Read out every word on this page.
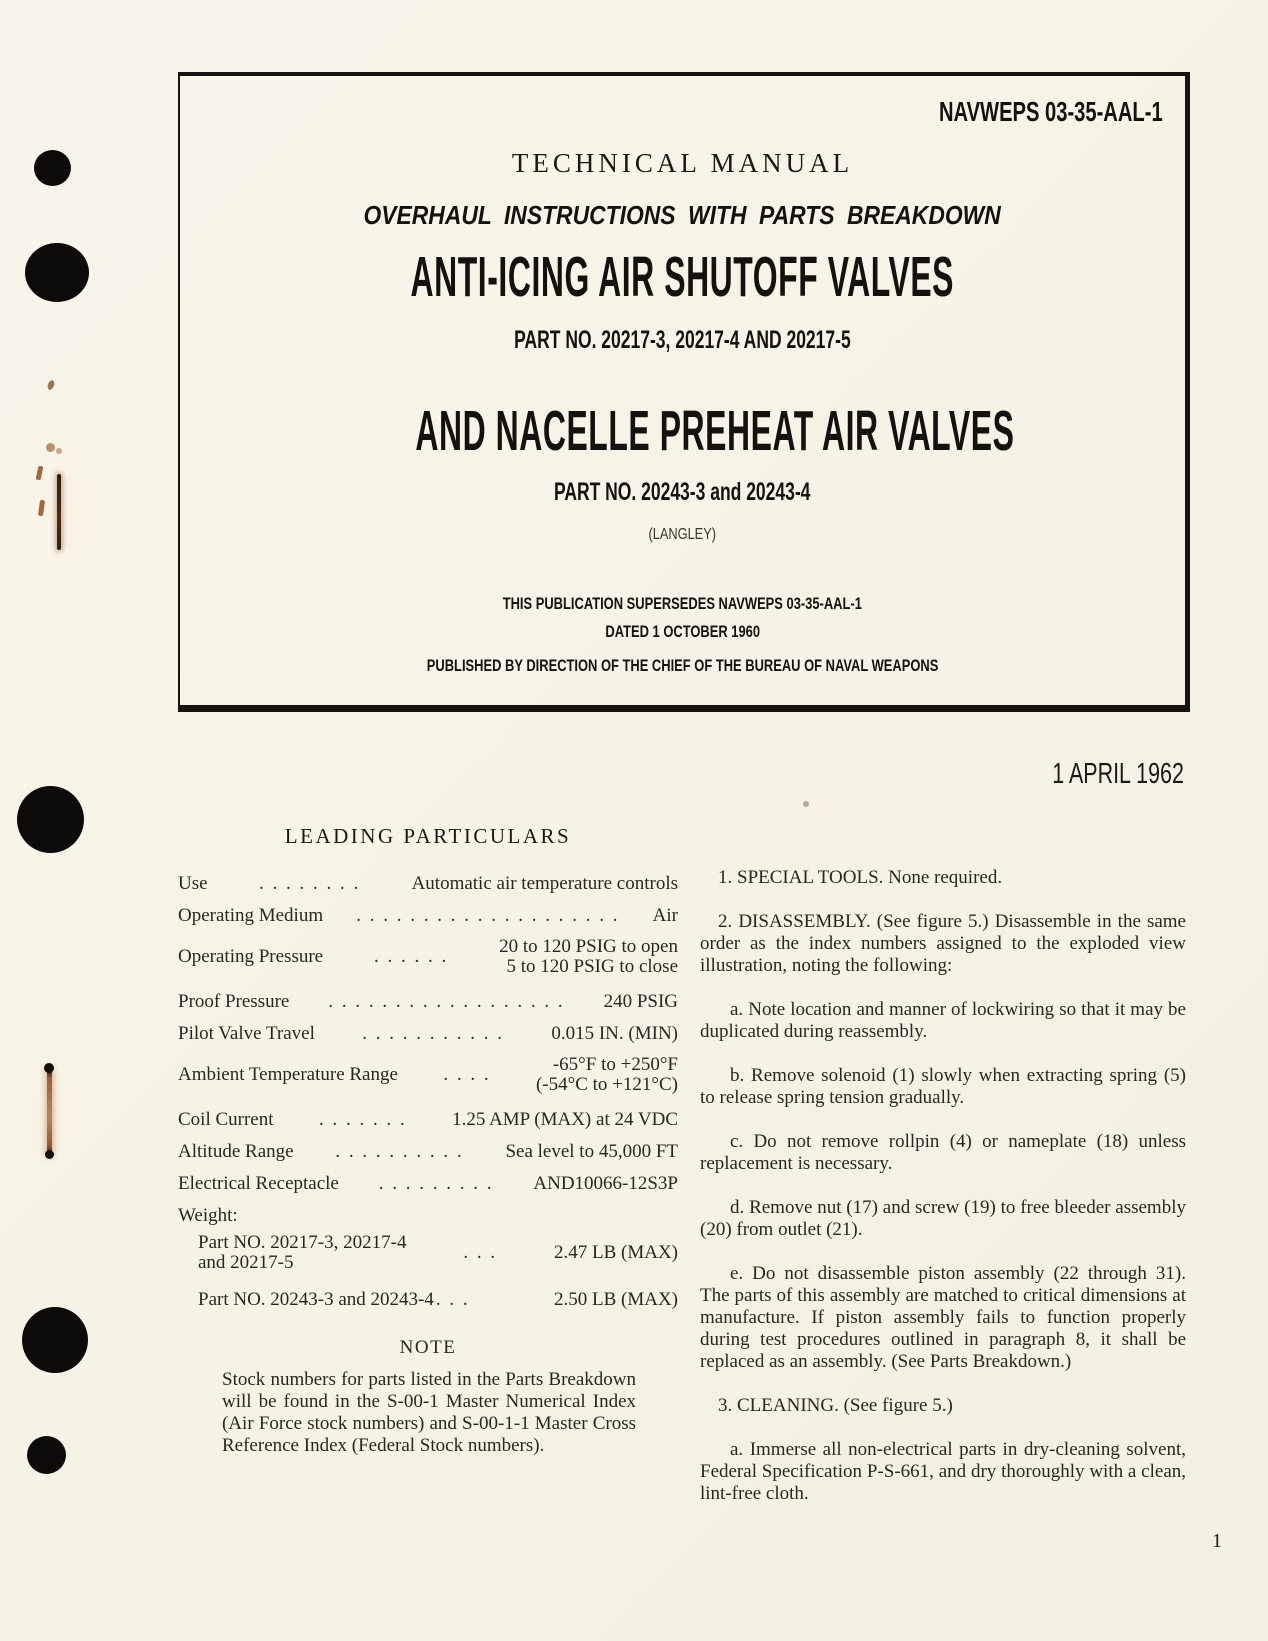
NAVWEPS 03-35-AAL-1
TECHNICAL MANUAL
OVERHAUL INSTRUCTIONS WITH PARTS BREAKDOWN
ANTI-ICING AIR SHUTOFF VALVES
PART NO. 20217-3, 20217-4 AND 20217-5
AND NACELLE PREHEAT AIR VALVES
PART NO. 20243-3 and 20243-4
(LANGLEY)
THIS PUBLICATION SUPERSEDES NAVWEPS 03-35-AAL-1
DATED 1 OCTOBER 1960
PUBLISHED BY DIRECTION OF THE CHIEF OF THE BUREAU OF NAVAL WEAPONS
1 APRIL 1962
LEADING PARTICULARS
Use	. . . . . . . .	Automatic air temperature controls
Operating Medium	. . . . . . . . . . . . . . . . . . . .	Air
Operating Pressure	. . . . . .	20 to 120 PSIG to open
5 to 120 PSIG to close
Proof Pressure	. . . . . . . . . . . . . . . . . .	240 PSIG
Pilot Valve Travel	. . . . . . . . . . .	0.015 IN. (MIN)
Ambient Temperature Range	. . . .	-65°F to +250°F
(-54°C to +121°C)
Coil Current	. . . . . . .	1.25 AMP (MAX) at 24 VDC
Altitude Range	. . . . . . . . . .	Sea level to 45,000 FT
Electrical Receptacle	. . . . . . . . .	AND10066-12S3P
Weight:
Part NO. 20217-3, 20217-4
and 20217-5	. . .	2.47 LB (MAX)
Part NO. 20243-3 and 20243-4 . . .	2.50 LB (MAX)
NOTE
Stock numbers for parts listed in the Parts Breakdown will be found in the S-00-1 Master Numerical Index (Air Force stock numbers) and S-00-1-1 Master Cross Reference Index (Federal Stock numbers).

1. SPECIAL TOOLS. None required.

2. DISASSEMBLY. (See figure 5.) Disassemble in the same order as the index numbers assigned to the exploded view illustration, noting the following:

a. Note location and manner of lockwiring so that it may be duplicated during reassembly.

b. Remove solenoid (1) slowly when extracting spring (5) to release spring tension gradually.

c. Do not remove rollpin (4) or nameplate (18) unless replacement is necessary.

d. Remove nut (17) and screw (19) to free bleeder assembly (20) from outlet (21).

e. Do not disassemble piston assembly (22 through 31). The parts of this assembly are matched to critical dimensions at manufacture. If piston assembly fails to function properly during test procedures outlined in paragraph 8, it shall be replaced as an assembly. (See Parts Breakdown.)

3. CLEANING. (See figure 5.)

a. Immerse all non-electrical parts in dry-cleaning solvent, Federal Specification P-S-661, and dry thoroughly with a clean, lint-free cloth.

1
